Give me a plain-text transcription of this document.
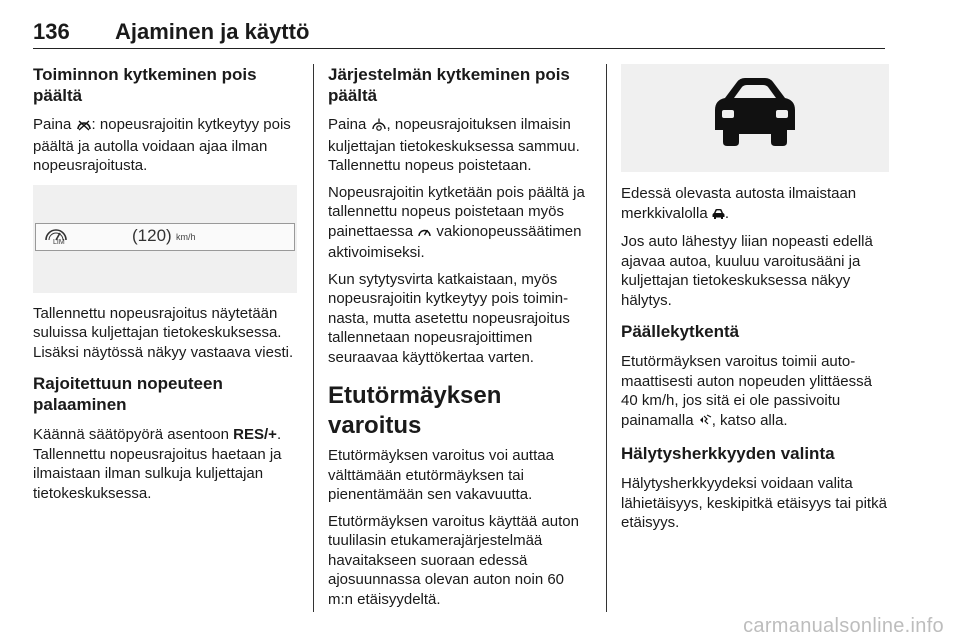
136 Ajaminen ja käyttö
Toiminnon kytkeminen pois päältä

Paina : nopeusrajoitin kytkeytyy pois päältä ja autolla voidaan ajaa ilman nopeusrajoitusta.

LIM	(120) km/h

Tallennettu nopeusrajoitus näytetään suluissa kuljettajan tietokeskuksessa. Lisäksi näytössä näkyy vastaava viesti.

Rajoitettuun nopeuteen palaaminen

Käännä säätöpyörä asentoon RES/+. Tallennettu nopeusrajoitus haetaan ja ilmaistaan ilman sulkuja kuljettajan tietokeskuksessa.

Järjestelmän kytkeminen pois päältä

Paina , nopeusrajoituksen ilmaisin kuljettajan tietokeskuksessa sammuu. Tallennettu nopeus poistetaan.

Nopeusrajoitin kytketään pois päältä ja tallennettu nopeus poistetaan myös painettaessa  vakionopeussäätimen aktivoimiseksi.

Kun sytytysvirta katkaistaan, myös nopeusrajoitin kytkeytyy pois toiminnasta, mutta asetettu nopeusrajoitus tallennetaan nopeusrajoittimen seuraavaa käyttökertaa varten.

Etutörmäyksen varoitus

Etutörmäyksen varoitus voi auttaa välttämään etutörmäyksen tai pienentämään sen vakavuutta.

Etutörmäyksen varoitus käyttää auton tuulilasin etukamerajärjestelmää havaitakseen suoraan edessä ajosuunnassa olevan auton noin 60 m:n etäisyydeltä.

Edessä olevasta autosta ilmaistaan merkkivalolla .

Jos auto lähestyy liian nopeasti edellä ajavaa autoa, kuuluu varoitusääni ja kuljettajan tietokeskuksessa näkyy hälytys.

Päällekytkentä

Etutörmäyksen varoitus toimii automaattisesti auton nopeuden ylittäessä 40 km/h, jos sitä ei ole passivoitu painamalla , katso alla.

Hälytysherkkyyden valinta

Hälytysherkkyydeksi voidaan valita lähietäisyys, keskipitkä etäisyys tai pitkä etäisyys.

carmanualsonline.info
